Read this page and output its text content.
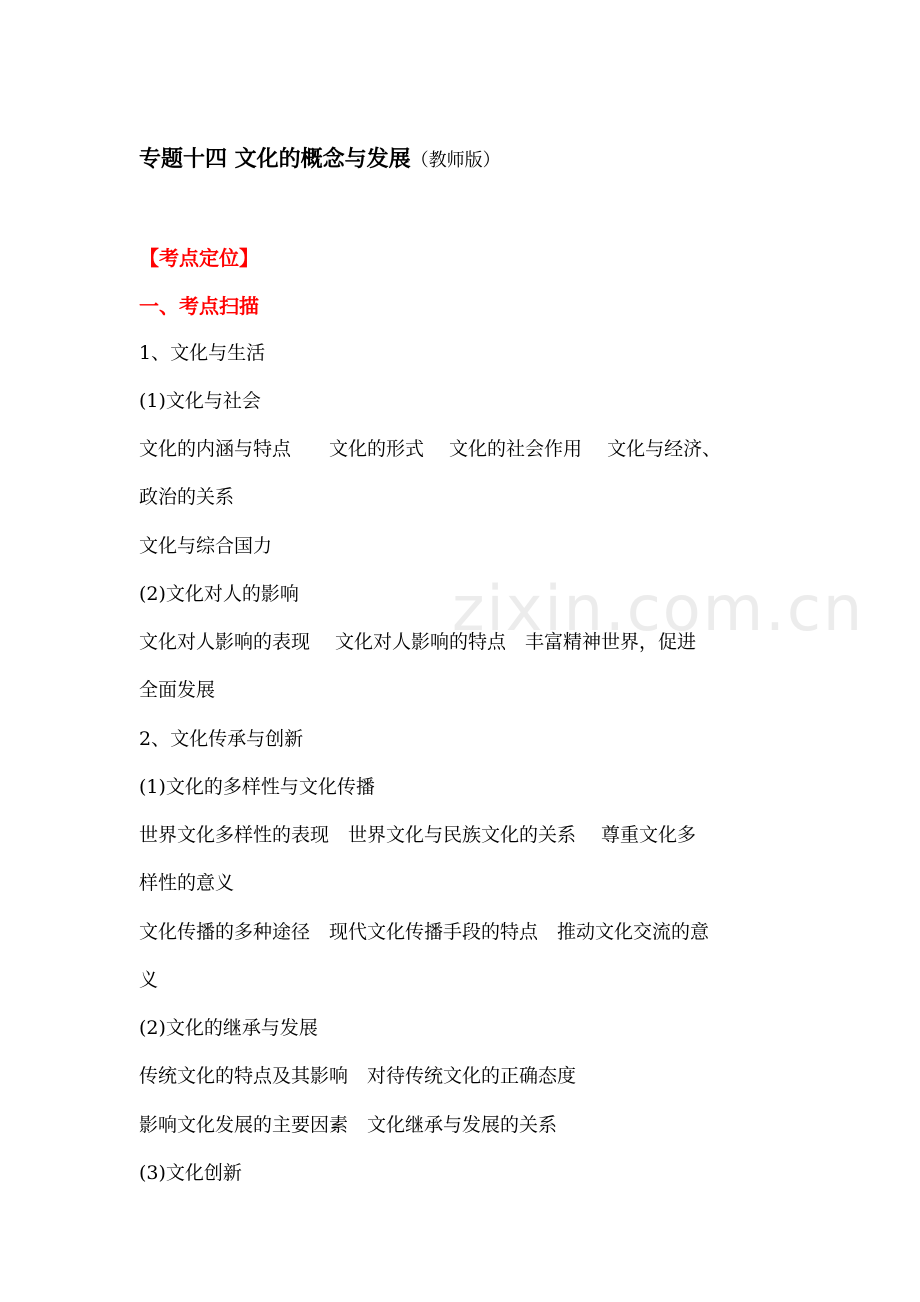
专题十四 文化的概念与发展（教师版）
【考点定位】
一、考点扫描
zixin.com.cn
1、文化与生活
(1)文化与社会
文化的内涵与特点　　文化的形式　 文化的社会作用　 文化与经济、
政治的关系
文化与综合国力
(2)文化对人的影响
文化对人影响的表现　 文化对人影响的特点　丰富精神世界，促进
全面发展
2、文化传承与创新
(1)文化的多样性与文化传播
世界文化多样性的表现　世界文化与民族文化的关系　 尊重文化多
样性的意义
文化传播的多种途径　现代文化传播手段的特点　推动文化交流的意
义
(2)文化的继承与发展
传统文化的特点及其影响　对待传统文化的正确态度
影响文化发展的主要因素　文化继承与发展的关系
(3)文化创新
